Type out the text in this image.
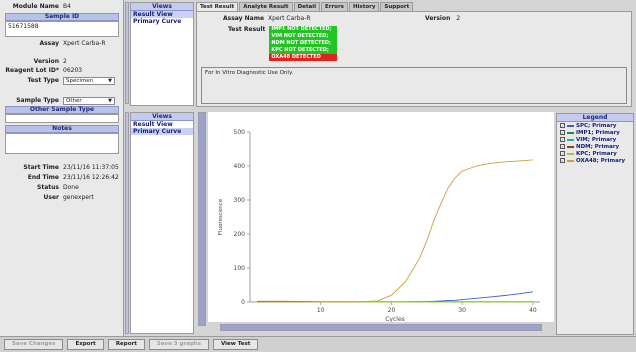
Module Name B4
Sample ID
51671588
Assay Xpert Carba-R
Version 2
Reagent Lot ID* 06203
Test Type	Specimen	▼
Sample Type	Other	▼
Other Sample Type
Notes
Start Time 23/11/16 11:37:05
End Time 23/11/16 12:26:42
Status Done
User genexpert
Views
Result View
Primary Curve
Views
Result View
Primary Curve
Test Result	Analyte Result	Detail	Errors	History	Support
Assay Name Xpert Carba-R	Version 2
Test Result	IMP1 NOT DETECTED;
VIM NOT DETECTED;
NDM NOT DETECTED;
KPC NOT DETECTED;
OXA48 DETECTED
For In Vitro Diagnostic Use Only.
0
100
200
300
400
500
10	20	30	40
Cycles
Fluorescence
Legend
✓ SPC; Primary
✓ IMP1; Primary
✓ VIM; Primary
✓ NDM; Primary
✓ KPC; Primary
✓ OXA48; Primary
Save Changes	Export	Report	Save 3 graphs	View Test
